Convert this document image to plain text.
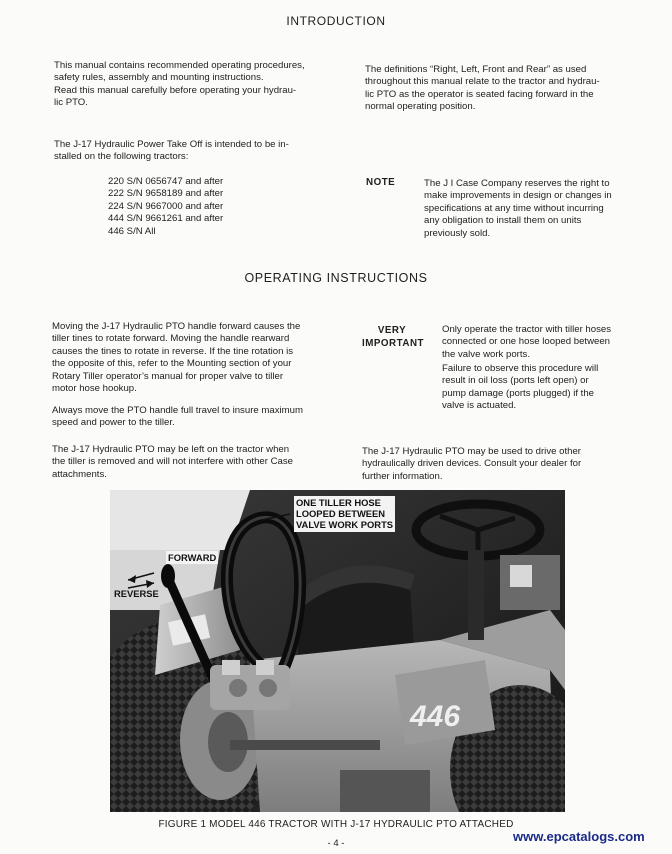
INTRODUCTION
This manual contains recommended operating procedures,
safety rules, assembly and mounting instructions.
Read this manual carefully before operating your hydrau-
lic PTO.
The definitions “Right, Left, Front and Rear” as used
throughout this manual relate to the tractor and hydrau-
lic PTO as the operator is seated facing forward in the
normal operating position.
The J-17 Hydraulic Power Take Off is intended to be in-
stalled on the following tractors:
220 S/N 0656747 and after
222 S/N 9658189 and after
224 S/N 9667000 and after
444 S/N 9661261 and after
446 S/N All
NOTE	The J I Case Company reserves the right to
make improvements in design or changes in
specifications at any time without incurring
any obligation to install them on units
previously sold.
OPERATING INSTRUCTIONS
Moving the J-17 Hydraulic PTO handle forward causes the
tiller tines to rotate forward. Moving the handle rearward
causes the tines to rotate in reverse. If the tine rotation is
the opposite of this, refer to the Mounting section of your
Rotary Tiller operator’s manual for proper valve to tiller
motor hose hookup.
Always move the PTO handle full travel to insure maximum
speed and power to the tiller.
The J-17 Hydraulic PTO may be left on the tractor when
the tiller is removed and will not interfere with other Case
attachments.
VERY
IMPORTANT
Only operate the tractor with tiller hoses
connected or one hose looped between
the valve work ports.
Failure to observe this procedure will
result in oil loss (ports left open) or
pump damage (ports plugged) if the
valve is actuated.
The J-17 Hydraulic PTO may be used to drive other
hydraulically driven devices. Consult your dealer for
further information.
446
ONE TILLER HOSE
LOOPED BETWEEN
VALVE WORK PORTS
FORWARD
REVERSE
FIGURE 1 MODEL 446 TRACTOR WITH J-17 HYDRAULIC PTO ATTACHED
- 4 -	www.epcatalogs.com
